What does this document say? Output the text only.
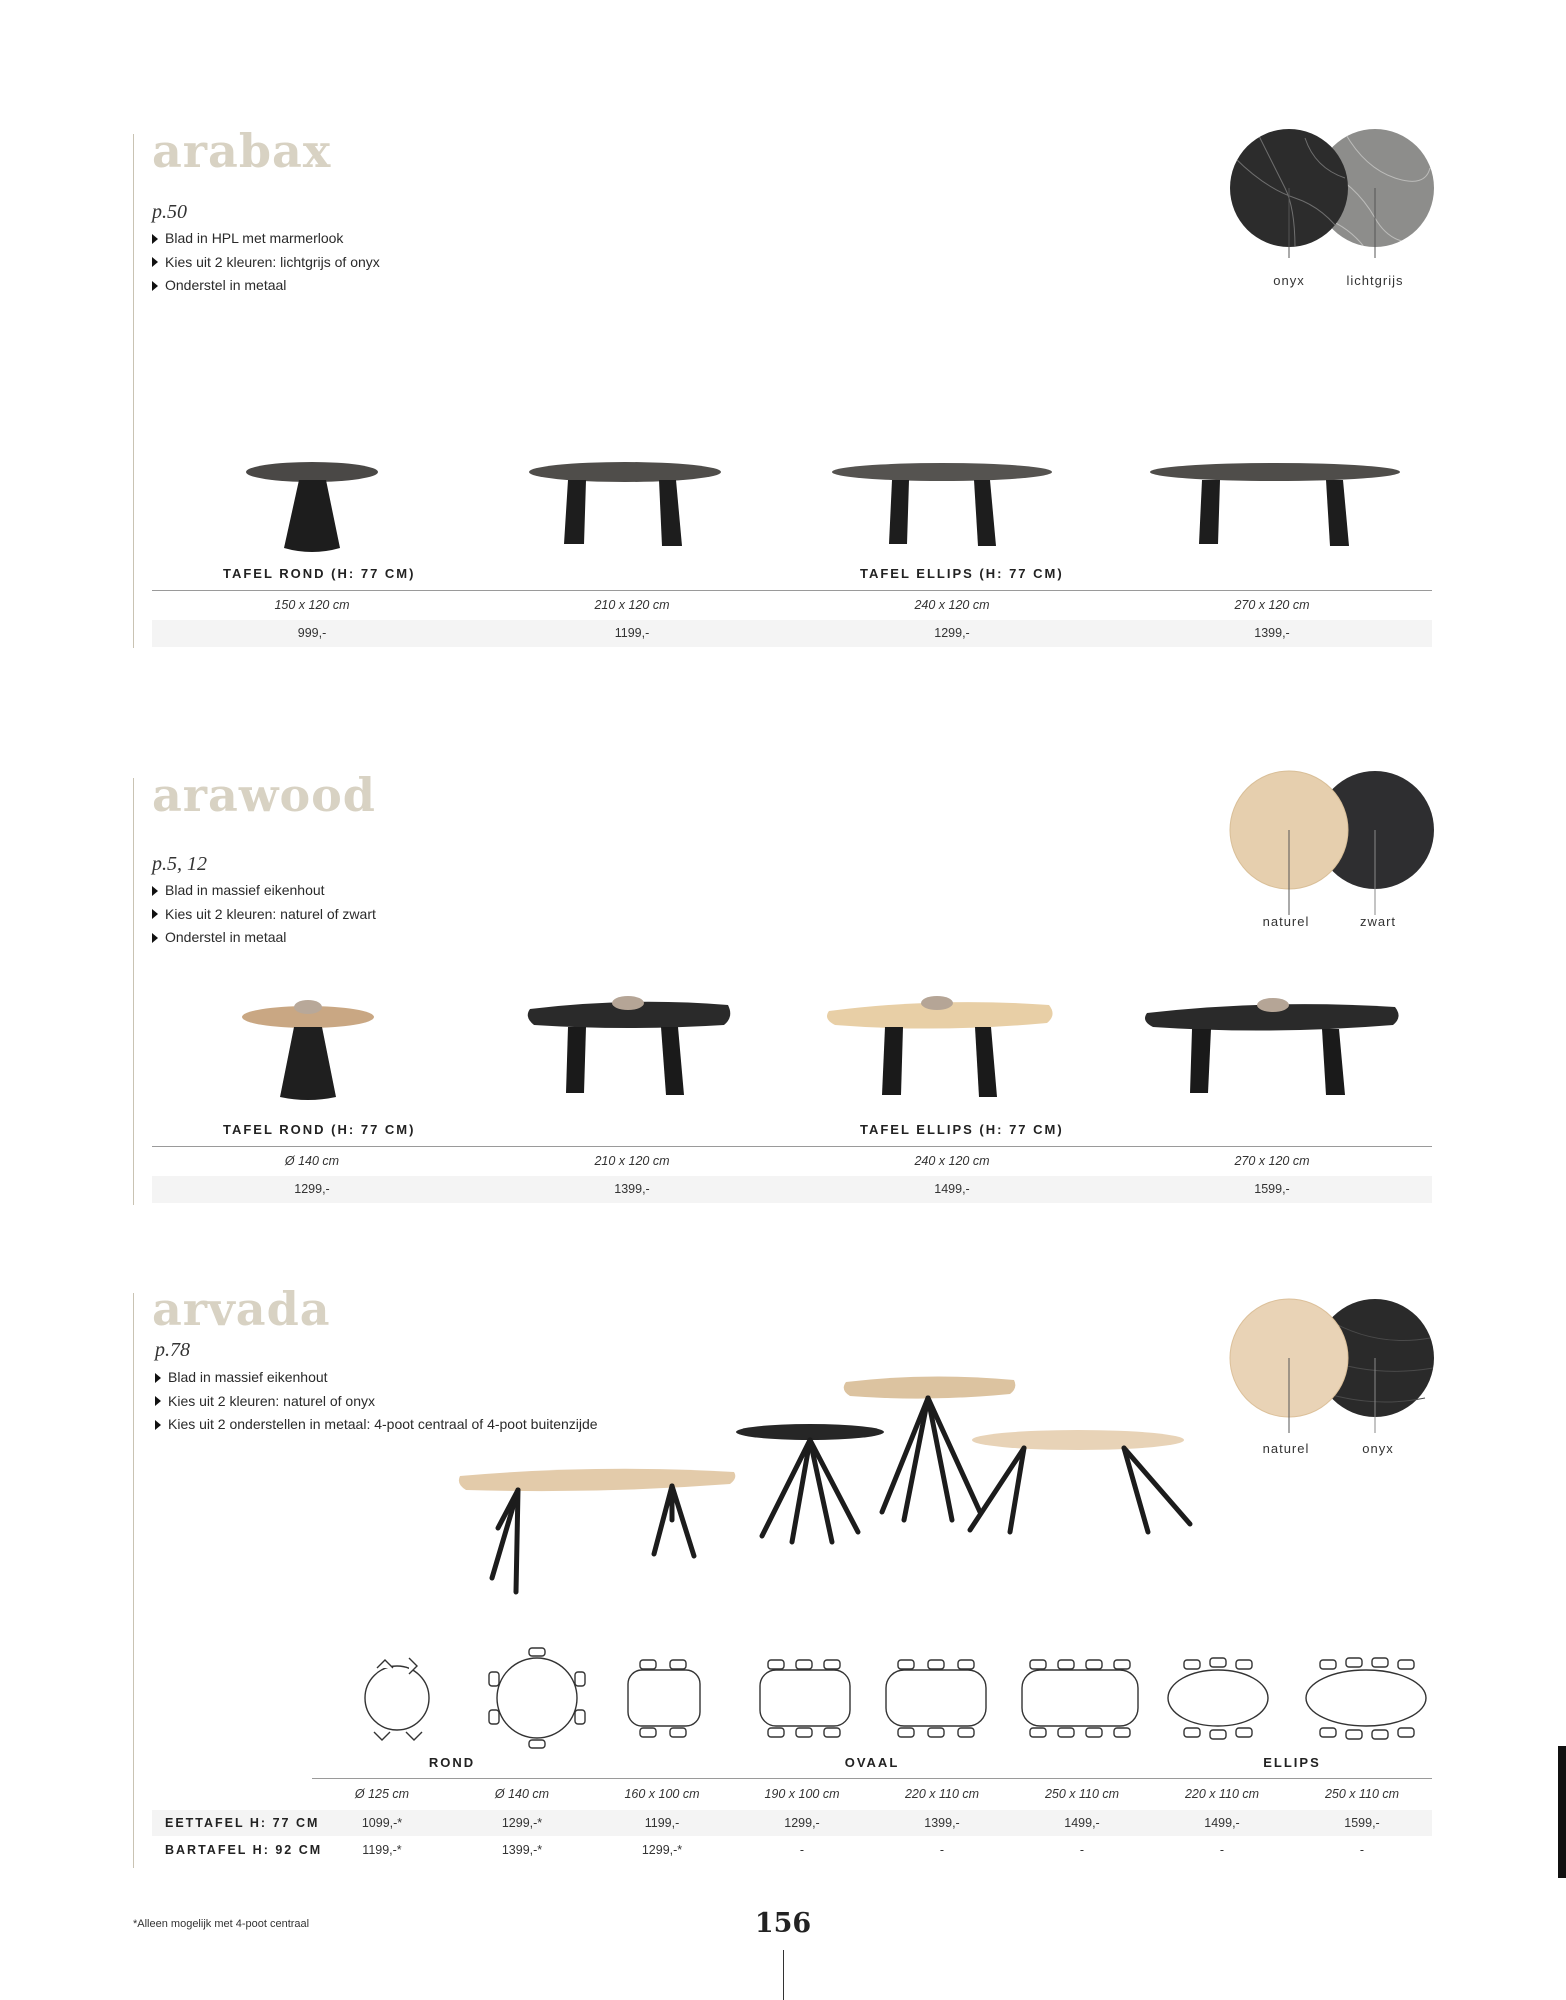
arabax
p.50
Blad in HPL met marmerlook
Kies uit 2 kleuren: lichtgrijs of onyx
Onderstel in metaal	onyx	lichtgrijs
TAFEL ROND (H: 77 CM)	TAFEL ELLIPS (H: 77 CM)
150 x 120 cm	210 x 120 cm	240 x 120 cm	270 x 120 cm
999,-	1199,-	1299,-	1399,-
arawood
p.5, 12
Blad in massief eikenhout
Kies uit 2 kleuren: naturel of zwart
Onderstel in metaal
naturel	zwart
TAFEL ROND (H: 77 CM)	TAFEL ELLIPS (H: 77 CM)
Ø 140 cm	210 x 120 cm	240 x 120 cm	270 x 120 cm
1299,-	1399,-	1499,-	1599,-
arvada
p.78
Blad in massief eikenhout
Kies uit 2 kleuren: naturel of onyx
Kies uit 2 onderstellen in metaal: 4-poot centraal of 4-poot buitenzijde
naturel	onyx
ROND	OVAAL	ELLIPS
Ø 125 cm	Ø 140 cm	160 x 100 cm	190 x 100 cm	220 x 110 cm	250 x 110 cm	220 x 110 cm	250 x 110 cm
EETTAFEL H: 77 CM	1099,-*	1299,-*	1199,-	1299,-	1399,-	1499,-	1499,-	1599,-
BARTAFEL H: 92 CM	1199,-*	1399,-*	1299,-*	-	-	-	-	-
*Alleen mogelijk met 4-poot centraal	156
